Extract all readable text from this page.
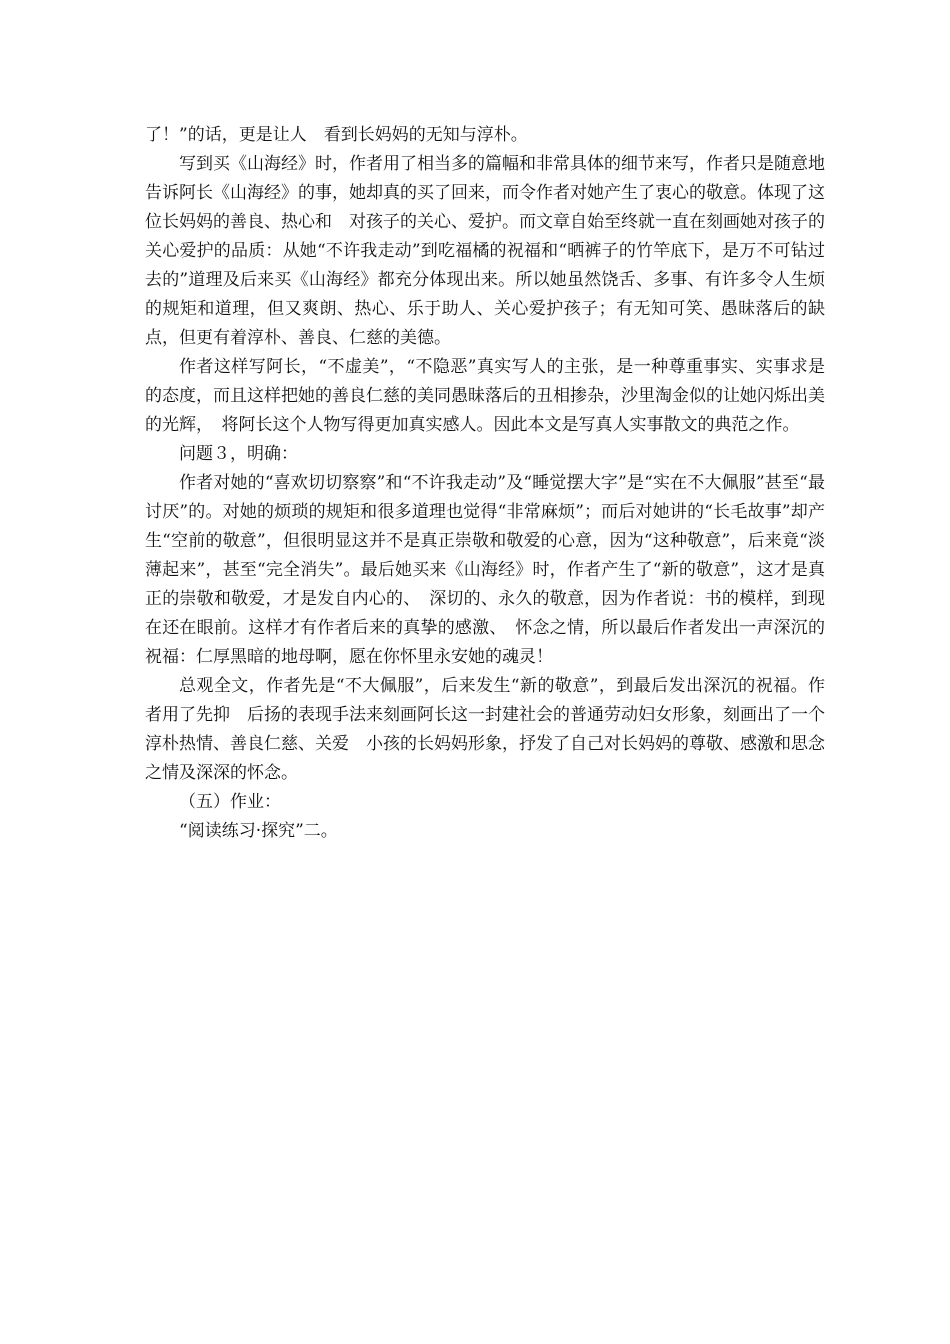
了！”的话，更是让人　看到长妈妈的无知与淳朴。

写到买《山海经》时，作者用了相当多的篇幅和非常具体的细节来写，作者只是随意地告诉阿长《山海经》的事，她却真的买了回来，而令作者对她产生了衷心的敬意。体现了这位长妈妈的善良、热心和　对孩子的关心、爱护。而文章自始至终就一直在刻画她对孩子的关心爱护的品质：从她“不许我走动”到吃福橘的祝福和“晒裤子的竹竿底下，是万不可钻过去的”道理及后来买《山海经》都充分体现出来。所以她虽然饶舌、多事、有许多令人生烦的规矩和道理，但又爽朗、热心、乐于助人、关心爱护孩子；有无知可笑、愚昧落后的缺点，但更有着淳朴、善良、仁慈的美德。

作者这样写阿长，“不虚美”，“不隐恶”真实写人的主张，是一种尊重事实、实事求是的态度，而且这样把她的善良仁慈的美同愚昧落后的丑相掺杂，沙里淘金似的让她闪烁出美的光辉，　将阿长这个人物写得更加真实感人。因此本文是写真人实事散文的典范之作。

问题３，明确：

作者对她的“喜欢切切察察”和“不许我走动”及“睡觉摆大字”是“实在不大佩服”甚至“最讨厌”的。对她的烦琐的规矩和很多道理也觉得“非常麻烦”；而后对她讲的“长毛故事”却产生“空前的敬意”，但很明显这并不是真正崇敬和敬爱的心意，因为“这种敬意”，后来竟“淡薄起来”，甚至“完全消失”。最后她买来《山海经》时，作者产生了“新的敬意”，这才是真正的崇敬和敬爱，才是发自内心的、　深切的、永久的敬意，因为作者说：书的模样，到现在还在眼前。这样才有作者后来的真挚的感激、　怀念之情，所以最后作者发出一声深沉的祝福：仁厚黑暗的地母啊，愿在你怀里永安她的魂灵！

总观全文，作者先是“不大佩服”，后来发生“新的敬意”，到最后发出深沉的祝福。作者用了先抑　后扬的表现手法来刻画阿长这一封建社会的普通劳动妇女形象，刻画出了一个淳朴热情、善良仁慈、关爱　小孩的长妈妈形象，抒发了自己对长妈妈的尊敬、感激和思念之情及深深的怀念。

（五）作业：

“阅读练习·探究”二。
